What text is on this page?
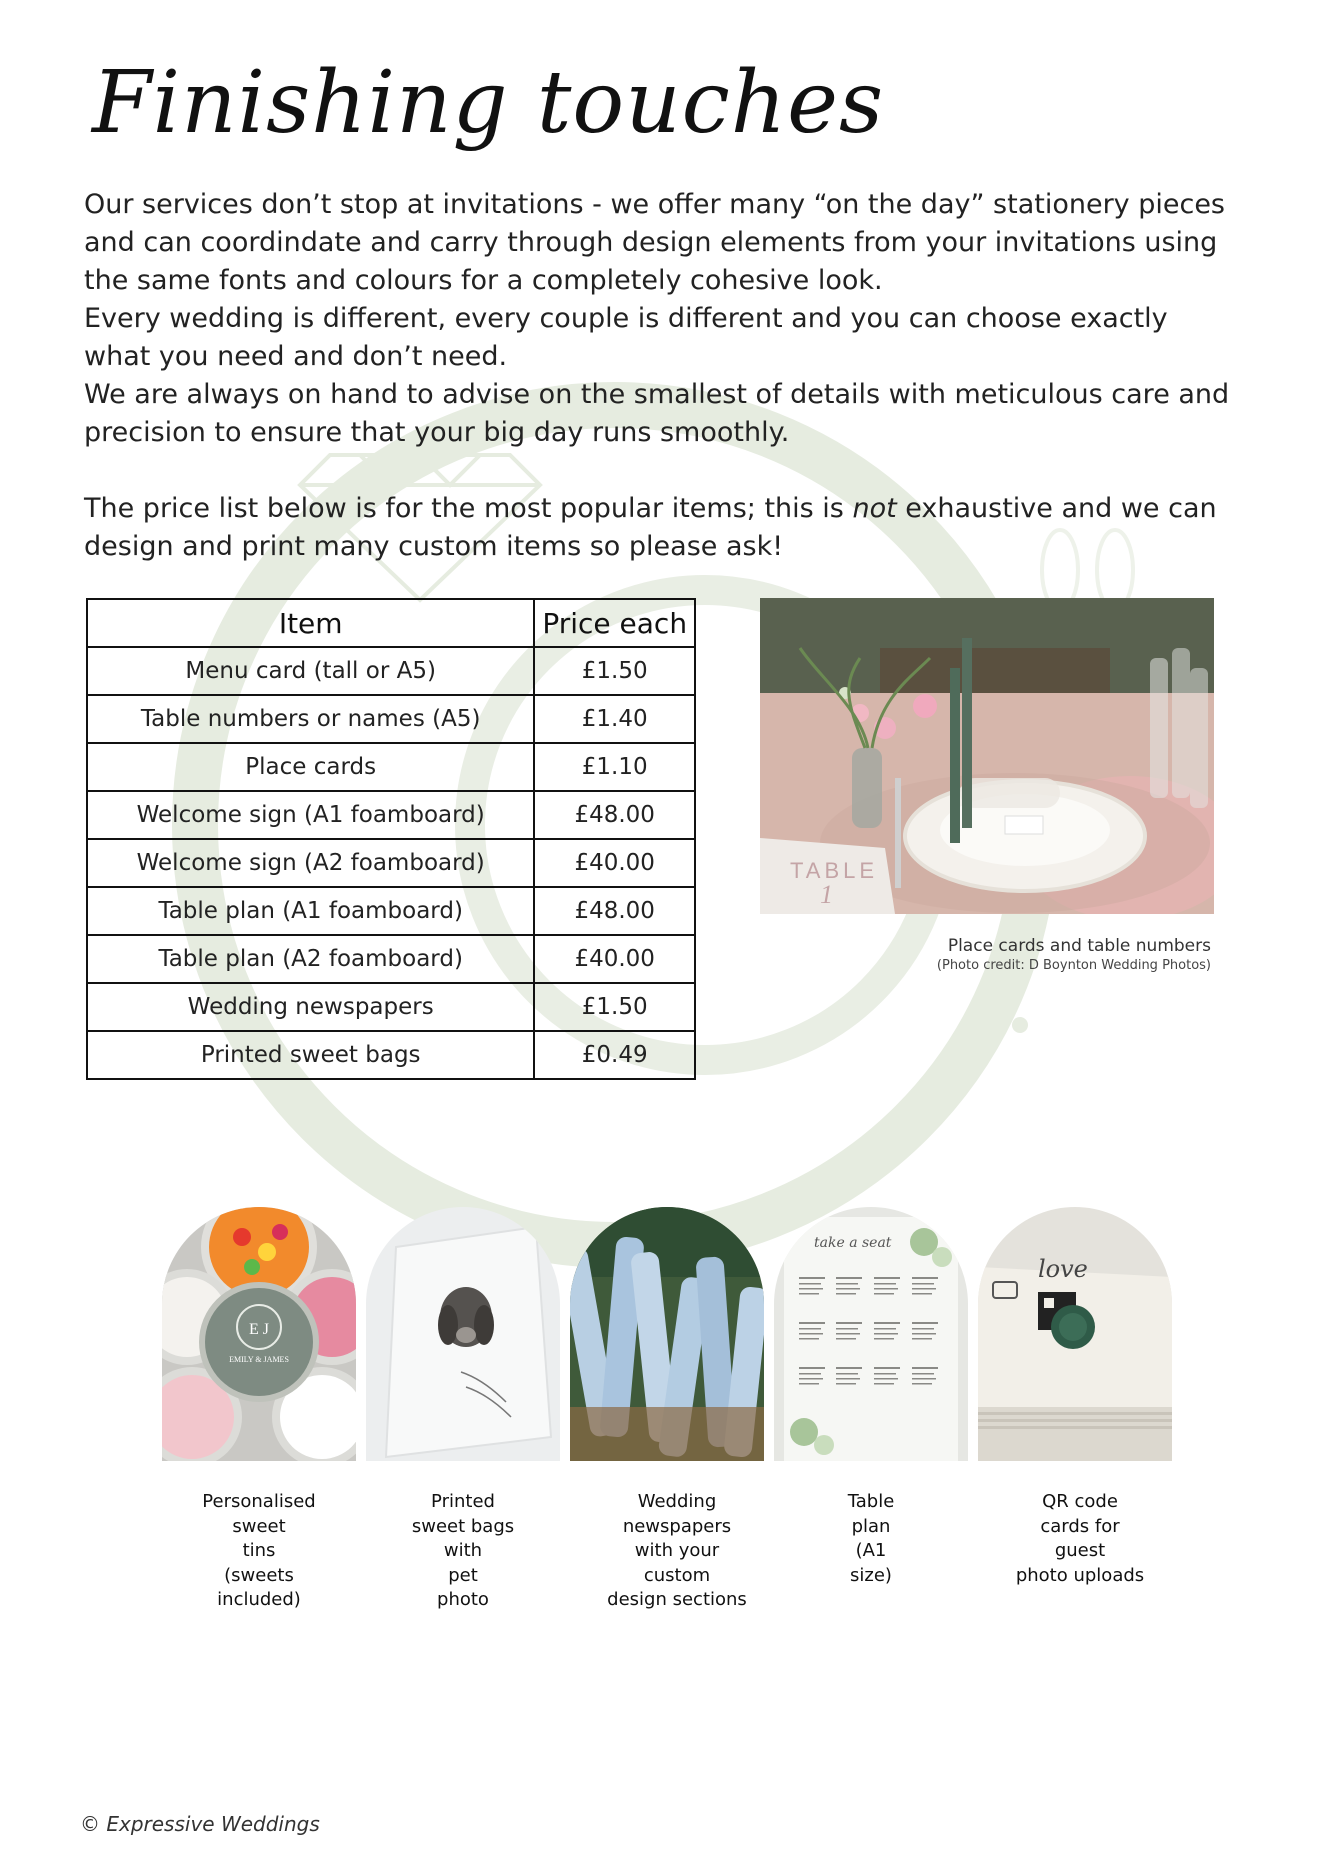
Finishing touches

Our services don’t stop at invitations - we offer many “on the day” stationery pieces and can coordindate and carry through design elements from your invitations using the same fonts and colours for a completely cohesive look.

Every wedding is different, every couple is different and you can choose exactly what you need and don’t need.

We are always on hand to advise on the smallest of details with meticulous care and precision to ensure that your big day runs smoothly.

The price list below is for the most popular items; this is not exhaustive and we can design and print many custom items so please ask!

Item	Price each
Menu card (tall or A5)	£1.50
Table numbers or names (A5)	£1.40
Place cards	£1.10
Welcome sign (A1 foamboard)	£48.00
Welcome sign (A2 foamboard)	£40.00
Table plan (A1 foamboard)	£48.00
Table plan (A2 foamboard)	£40.00
Wedding newspapers	£1.50
Printed sweet bags	£0.49
TABLE
1
Place cards and table numbers
(Photo credit: D Boynton Wedding Photos)
E J
EMILY & JAMES
take a seat
love
Personalised
sweet
tins
(sweets
included)
Printed
sweet bags
with
pet
photo
Wedding
newspapers
with your
custom
design sections
Table
plan
(A1
size)
QR code
cards for
guest
photo uploads
© Expressive Weddings
